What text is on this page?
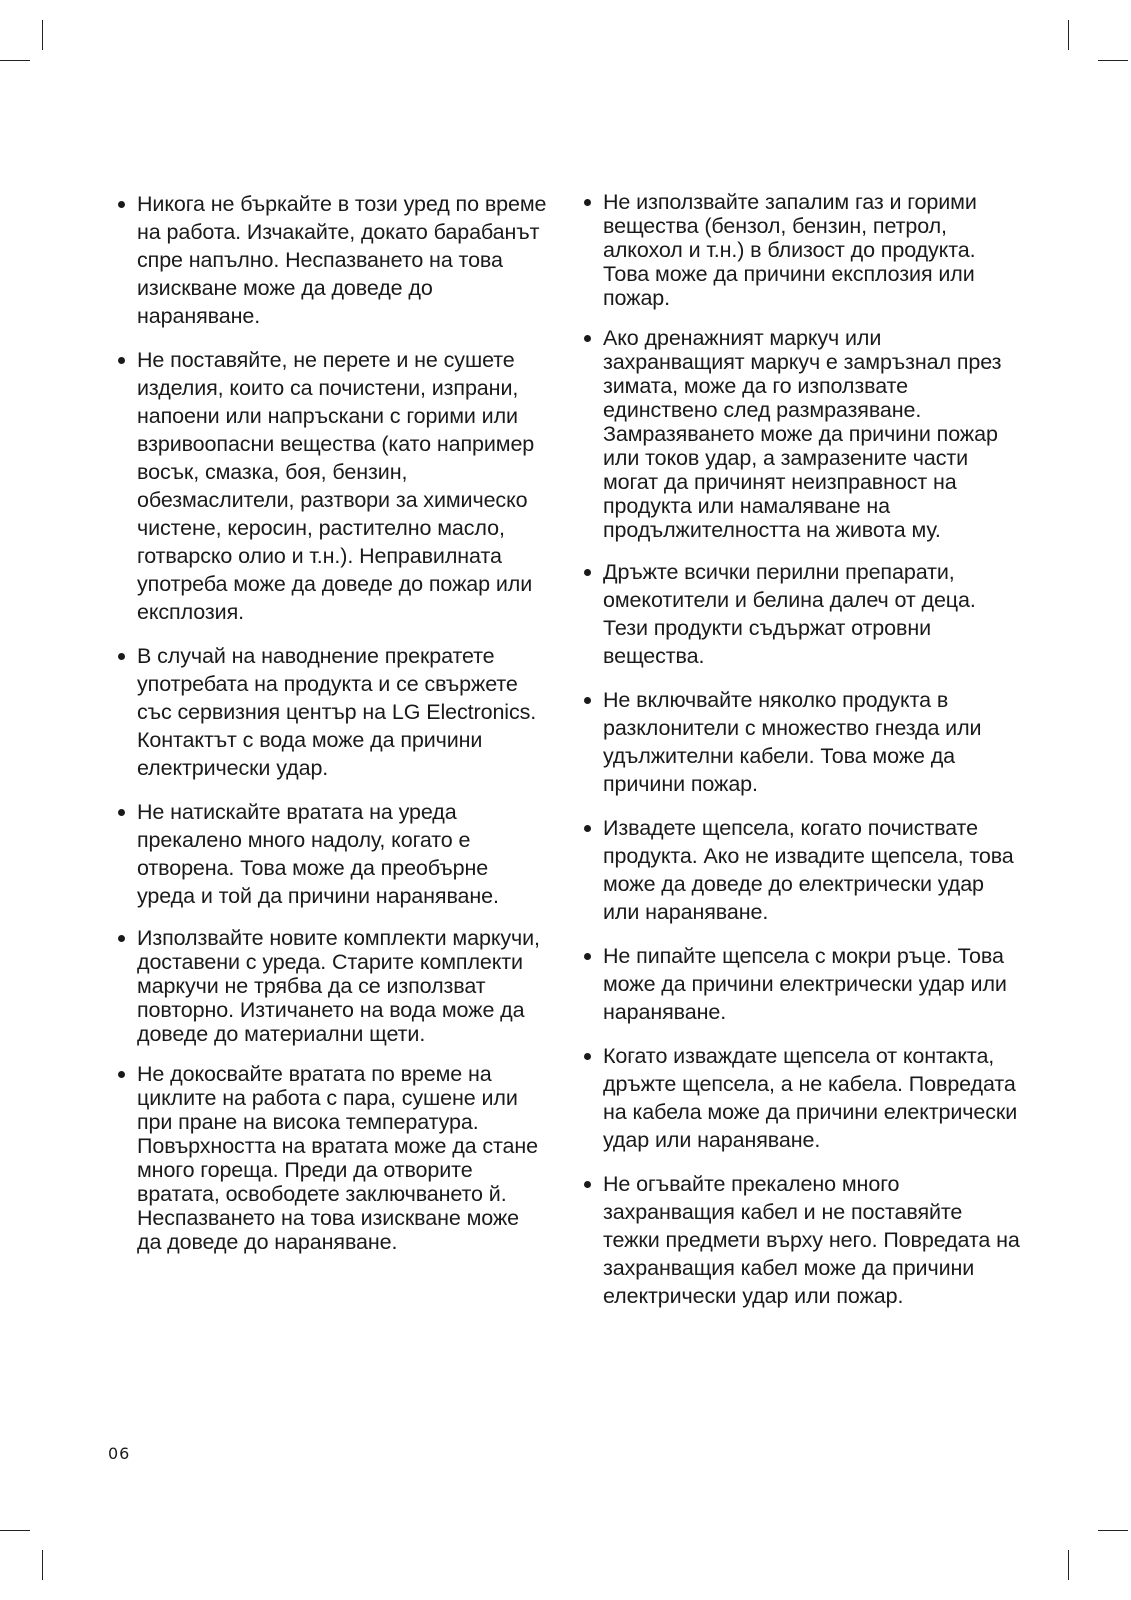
Никога не бъркайте в този уред по време на работа. Изчакайте, докато барабанът спре напълно. Неспазването на това изискване може да доведе до нараняване.
Не поставяйте, не перете и не сушете изделия, които са почистени, изпрани, напоени или напръскани с горими или взривоопасни вещества (като например восък, смазка, боя, бензин, обезмаслители, разтвори за химическо чистене, керосин, растително масло, готварско олио и т.н.). Неправилната употреба може да доведе до пожар или експлозия.
В случай на наводнение прекратете употребата на продукта и се свържете със сервизния център на LG Electronics. Контактът с вода може да причини електрически удар.
Не натискайте вратата на уреда прекалено много надолу, когато е отворена. Това може да преобърне уреда и той да причини нараняване.
Използвайте новите комплекти маркучи, доставени с уреда. Старите комплекти маркучи не трябва да се използват повторно. Изтичането на вода може да доведе до материални щети.
Не докосвайте вратата по време на циклите на работа с пара, сушене или при пране на висока температура. Повърхността на вратата може да стане много гореща. Преди да отворите вратата, освободете заключването й. Неспазването на това изискване може да доведе до нараняване.
Не използвайте запалим газ и горими вещества (бензол, бензин, петрол, алкохол и т.н.) в близост до продукта. Това може да причини експлозия или пожар.
Ако дренажният маркуч или захранващият маркуч е замръзнал през зимата, може да го използвате единствено след размразяване. Замразяването може да причини пожар или токов удар, а замразените части могат да причинят неизправност на продукта или намаляване на продължителността на живота му.
Дръжте всички перилни препарати, омекотители и белина далеч от деца. Тези продукти съдържат отровни вещества.
Не включвайте няколко продукта в разклонители с множество гнезда или удължителни кабели. Това може да причини пожар.
Извадете щепсела, когато почиствате продукта. Ако не извадите щепсела, това може да доведе до електрически удар или нараняване.
Не пипайте щепсела с мокри ръце. Това може да причини електрически удар или нараняване.
Когато изваждате щепсела от контакта, дръжте щепсела, а не кабела. Повредата на кабела може да причини електрически удар или нараняване.
Не огъвайте прекалено много захранващия кабел и не поставяйте тежки предмети върху него. Повредата на захранващия кабел може да причини електрически удар или пожар.
06
